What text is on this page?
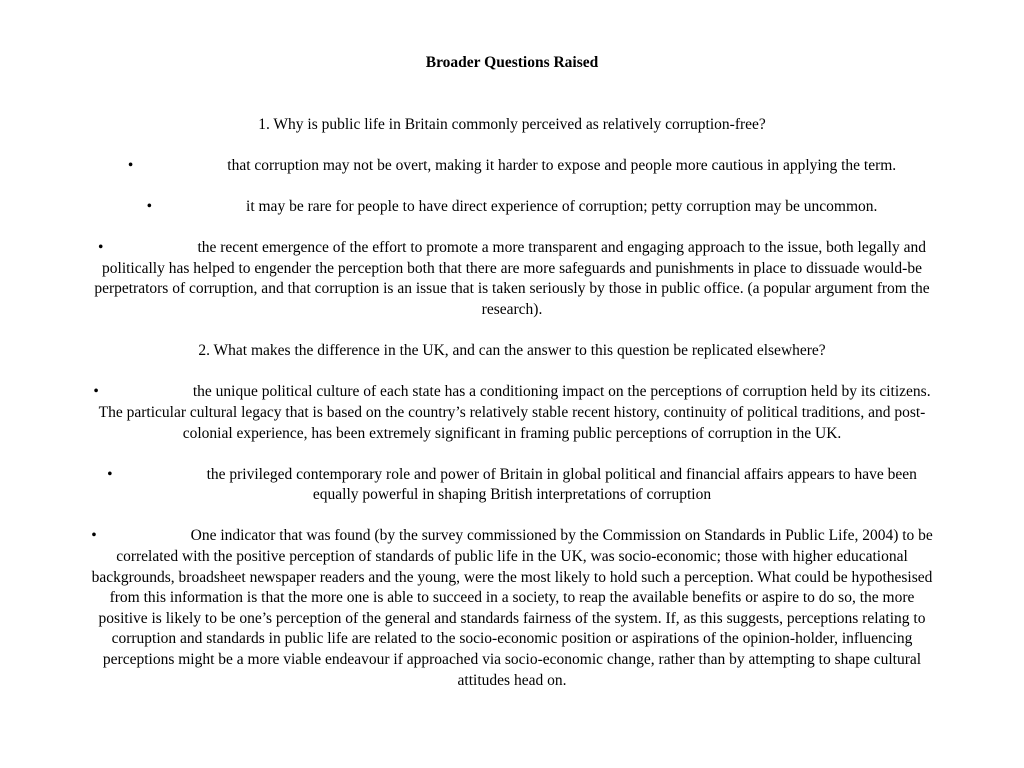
Broader Questions Raised
1. Why is public life in Britain commonly perceived as relatively corruption-free?
•	that corruption may not be overt, making it harder to expose and people more cautious in applying the term.
•	it may be rare for people to have direct experience of corruption; petty corruption may be uncommon.
•	the recent emergence of the effort to promote a more transparent and engaging approach to the issue, both legally and politically has helped to engender the perception both that there are more safeguards and punishments in place to dissuade would-be perpetrators of corruption, and that corruption is an issue that is taken seriously by those in public office. (a popular argument from the research).
2. What makes the difference in the UK, and can the answer to this question be replicated elsewhere?
•	the unique political culture of each state has a conditioning impact on the perceptions of corruption held by its citizens. The particular cultural legacy that is based on the country’s relatively stable recent history, continuity of political traditions, and post-colonial experience, has been extremely significant in framing public perceptions of corruption in the UK.
•	the privileged contemporary role and power of Britain in global political and financial affairs appears to have been equally powerful in shaping British interpretations of corruption
•	One indicator that was found (by the survey commissioned by the Commission on Standards in Public Life, 2004) to be correlated with the positive perception of standards of public life in the UK, was socio-economic; those with higher educational backgrounds, broadsheet newspaper readers and the young, were the most likely to hold such a perception. What could be hypothesised from this information is that the more one is able to succeed in a society, to reap the available benefits or aspire to do so, the more positive is likely to be one’s perception of the general and standards fairness of the system. If, as this suggests, perceptions relating to corruption and standards in public life are related to the socio-economic position or aspirations of the opinion-holder, influencing perceptions might be a more viable endeavour if approached via socio-economic change, rather than by attempting to shape cultural attitudes head on.
